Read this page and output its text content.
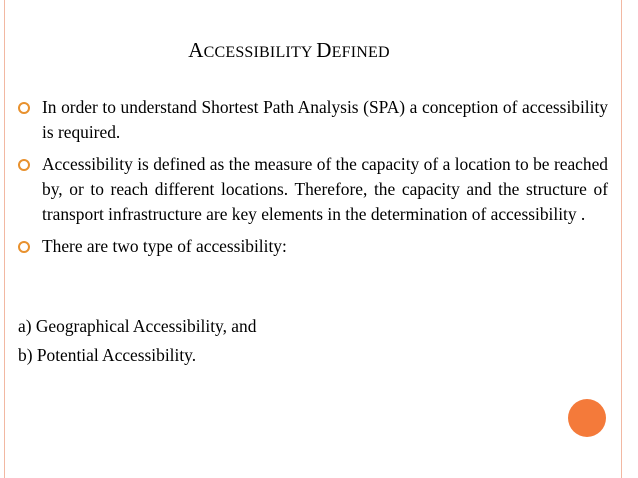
ACCESSIBILITY DEFINED
In order to understand Shortest Path Analysis (SPA) a conception of accessibility is required.
Accessibility is defined as the measure of the capacity of a location to be reached by, or to reach different locations. Therefore, the capacity and the structure of transport infrastructure are key elements in the determination of accessibility .
There are two type of accessibility:
a) Geographical Accessibility, and
b) Potential Accessibility.
